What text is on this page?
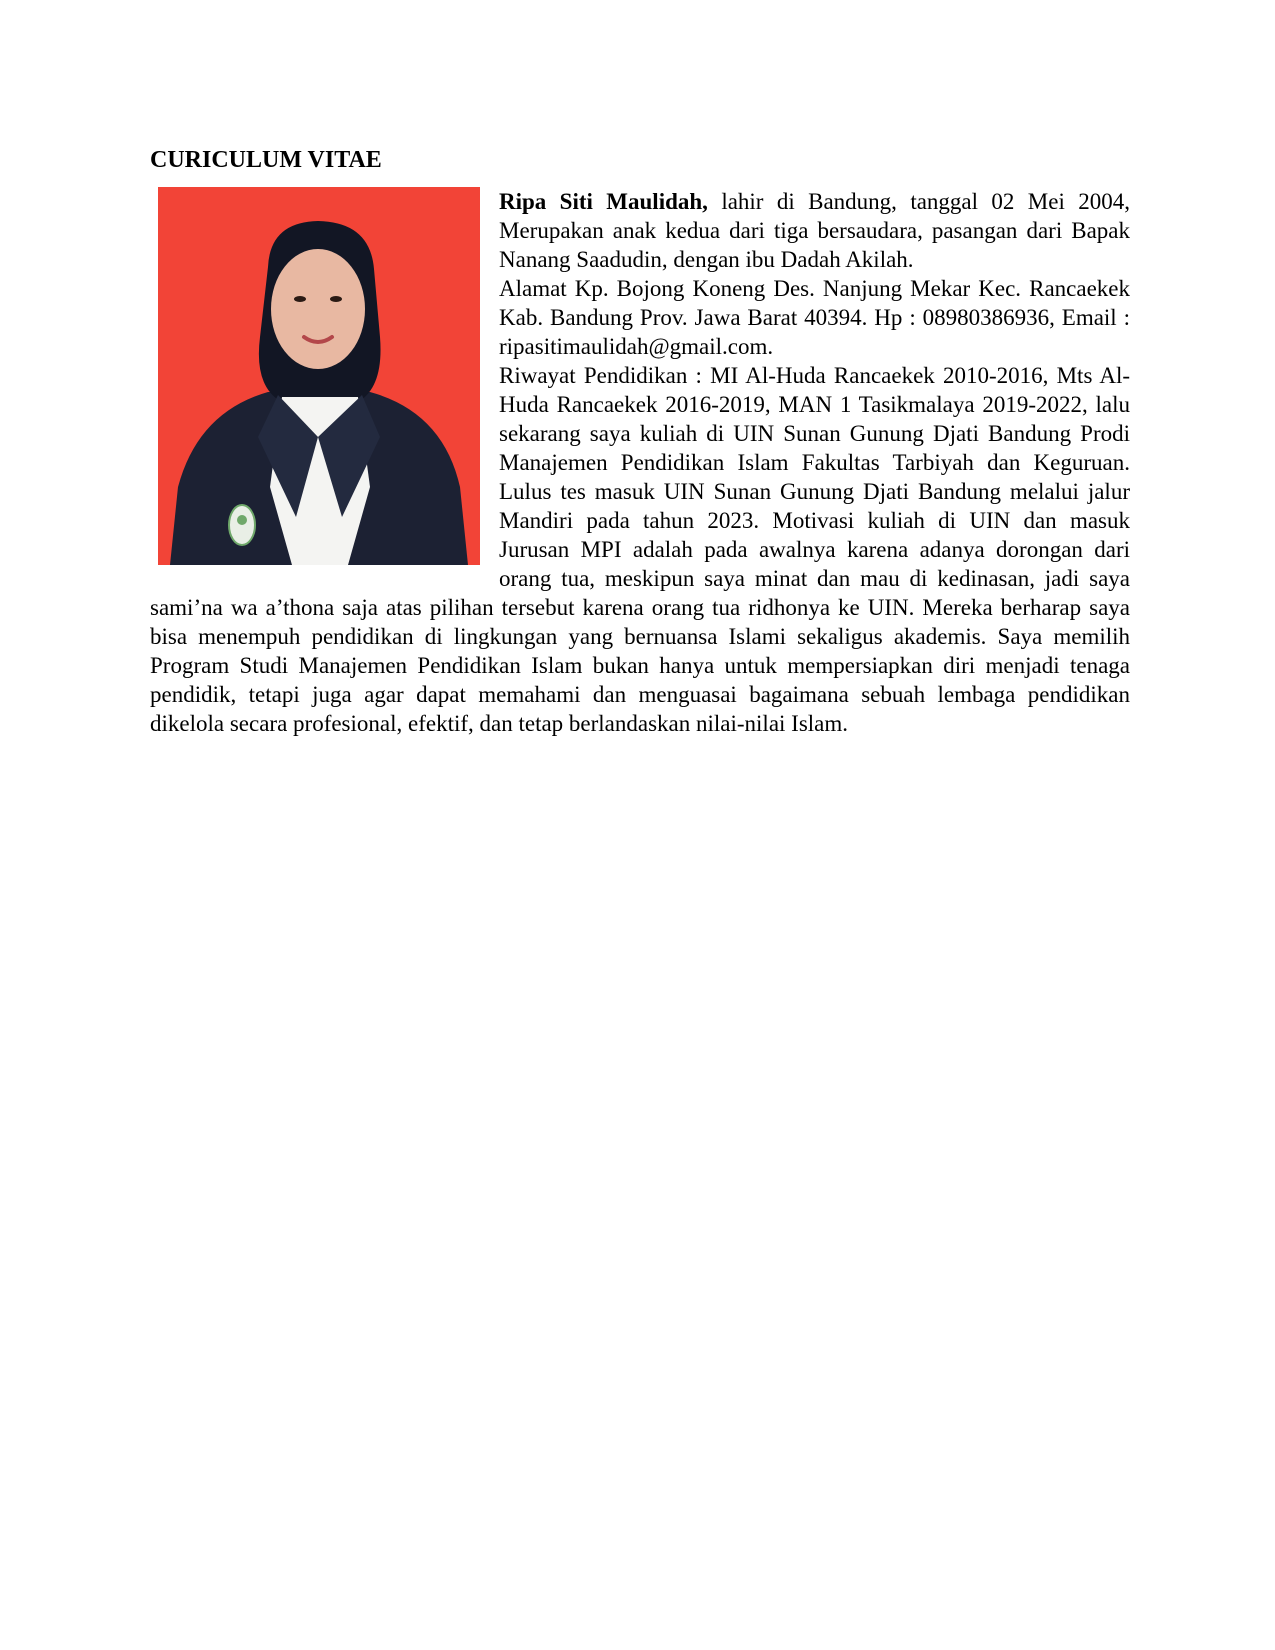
CURICULUM VITAE

Ripa Siti Maulidah, lahir di Bandung, tanggal 02 Mei 2004, Merupakan anak kedua dari tiga bersaudara, pasangan dari Bapak Nanang Saadudin, dengan ibu Dadah Akilah.

Alamat Kp. Bojong Koneng Des. Nanjung Mekar Kec. Rancaekek Kab. Bandung Prov. Jawa Barat 40394. Hp : 08980386936, Email : ripasitimaulidah@gmail.com.

Riwayat Pendidikan : MI Al-Huda Rancaekek 2010-2016, Mts Al-Huda Rancaekek 2016-2019, MAN 1 Tasikmalaya 2019-2022, lalu sekarang saya kuliah di UIN Sunan Gunung Djati Bandung Prodi Manajemen Pendidikan Islam Fakultas Tarbiyah dan Keguruan. Lulus tes masuk UIN Sunan Gunung Djati Bandung melalui jalur Mandiri pada tahun 2023. Motivasi kuliah di UIN dan masuk Jurusan MPI adalah pada awalnya karena adanya dorongan dari orang tua, meskipun saya minat dan mau di kedinasan, jadi saya sami’na wa a’thona saja atas pilihan tersebut karena orang tua ridhonya ke UIN. Mereka berharap saya bisa menempuh pendidikan di lingkungan yang bernuansa Islami sekaligus akademis. Saya memilih Program Studi Manajemen Pendidikan Islam bukan hanya untuk mempersiapkan diri menjadi tenaga pendidik, tetapi juga agar dapat memahami dan menguasai bagaimana sebuah lembaga pendidikan dikelola secara profesional, efektif, dan tetap berlandaskan nilai-nilai Islam.
